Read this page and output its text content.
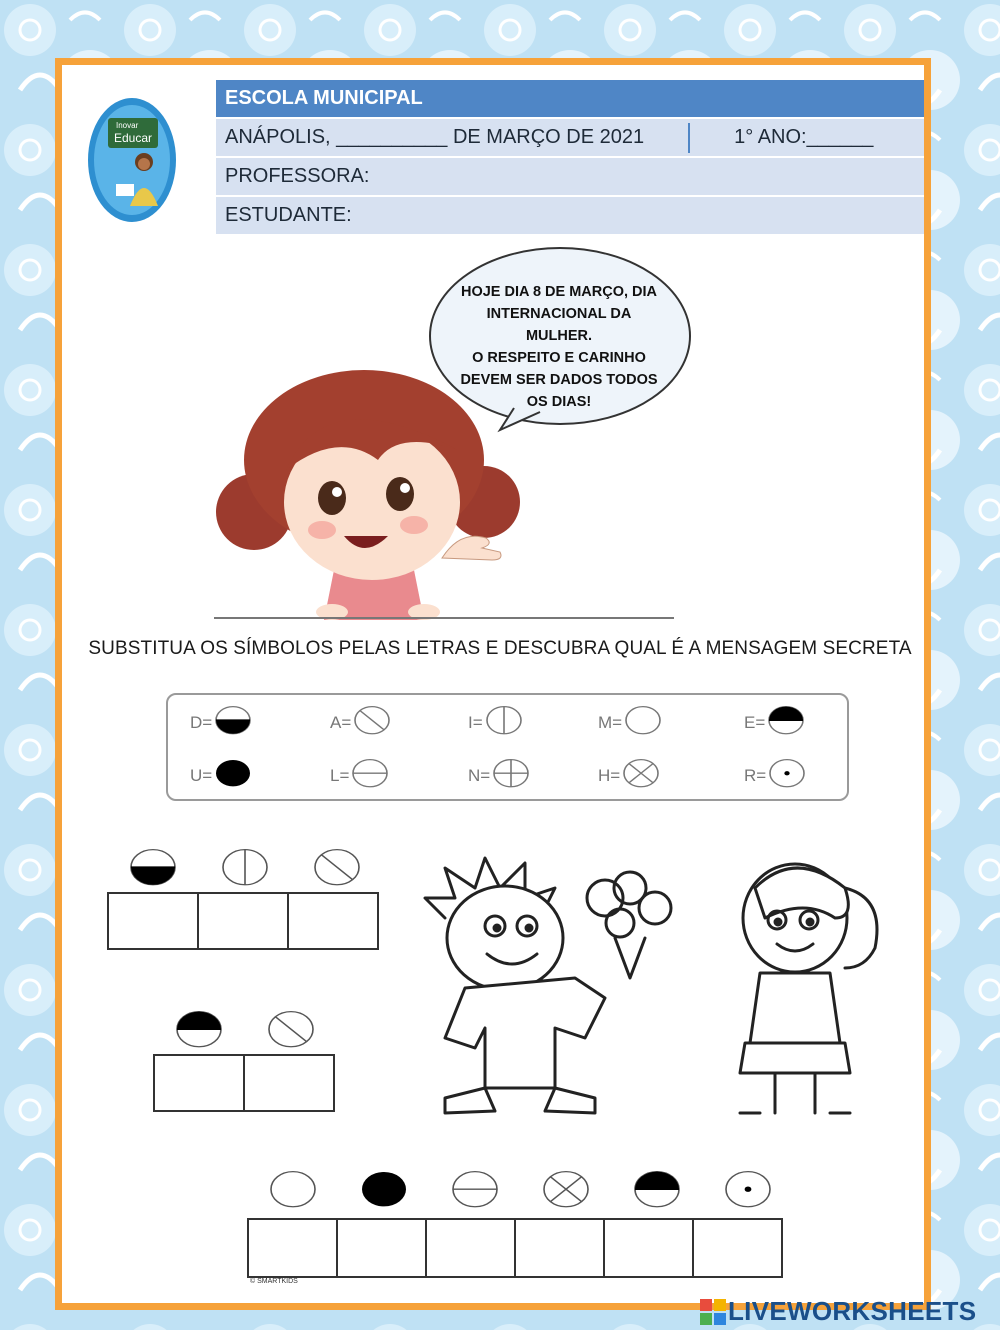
Inovar
Educar
ESCOLA MUNICIPAL
ANÁPOLIS, __________ DE MARÇO DE 2021	1° ANO:______
PROFESSORA:
ESTUDANTE:
HOJE DIA 8 DE MARÇO, DIA
INTERNACIONAL DA
MULHER.
O RESPEITO E CARINHO
DEVEM SER DADOS TODOS
OS DIAS!
SUBSTITUA OS SÍMBOLOS PELAS LETRAS E DESCUBRA QUAL É A MENSAGEM SECRETA
D=	A=	I=	M=	E=
U=	L=	N=	H=	R=
© SMARTKIDS
LIVEWORKSHEETS
